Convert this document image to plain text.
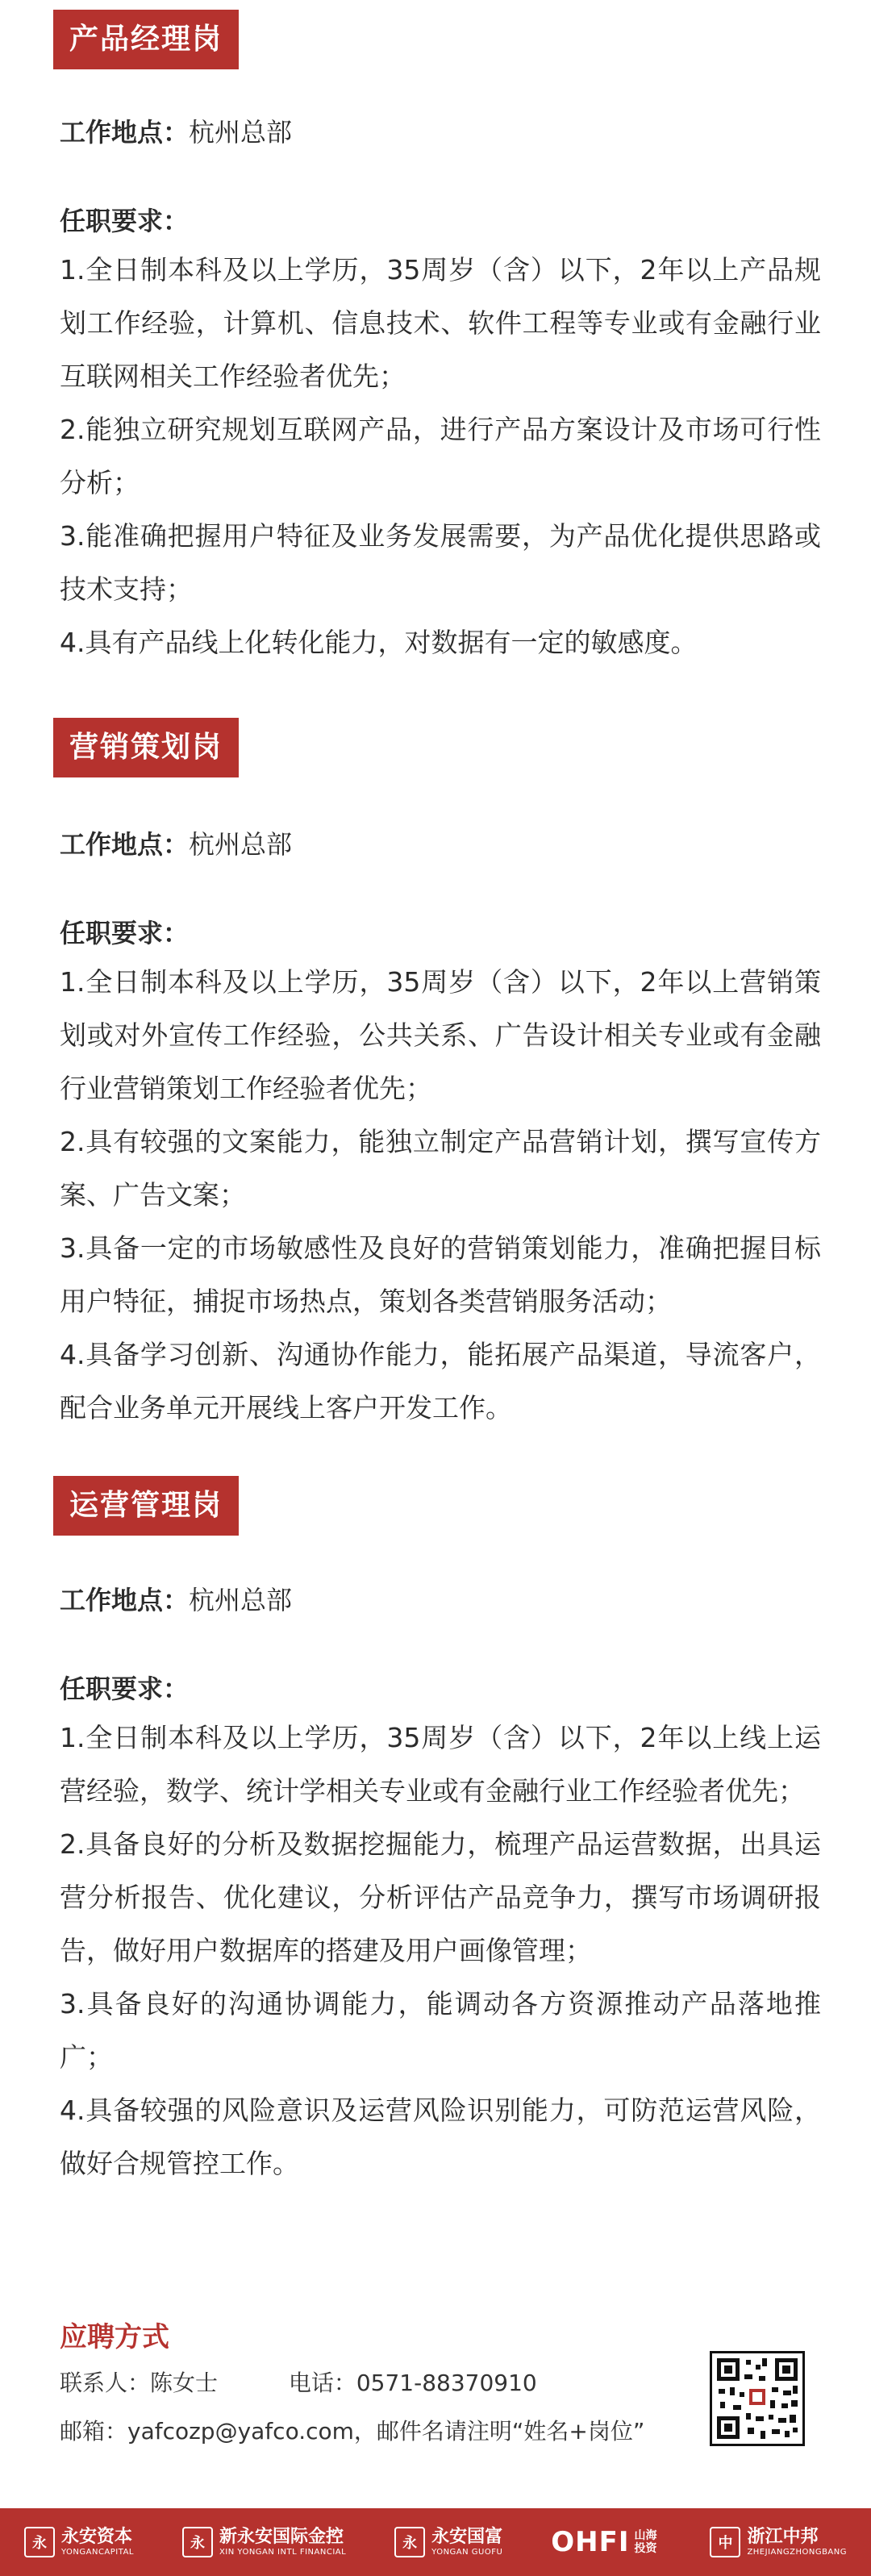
产品经理岗
工作地点：杭州总部
任职要求：

1.全日制本科及以上学历，35周岁（含）以下，2年以上产品规划工作经验，计算机、信息技术、软件工程等专业或有金融行业互联网相关工作经验者优先；

2.能独立研究规划互联网产品，进行产品方案设计及市场可行性分析；

3.能准确把握用户特征及业务发展需要，为产品优化提供思路或技术支持；

4.具有产品线上化转化能力，对数据有一定的敏感度。

营销策划岗
工作地点：杭州总部
任职要求：

1.全日制本科及以上学历，35周岁（含）以下，2年以上营销策划或对外宣传工作经验，公共关系、广告设计相关专业或有金融行业营销策划工作经验者优先；

2.具有较强的文案能力，能独立制定产品营销计划，撰写宣传方案、广告文案；

3.具备一定的市场敏感性及良好的营销策划能力，准确把握目标用户特征，捕捉市场热点，策划各类营销服务活动；

4.具备学习创新、沟通协作能力，能拓展产品渠道，导流客户，配合业务单元开展线上客户开发工作。

运营管理岗
工作地点：杭州总部
任职要求：

1.全日制本科及以上学历，35周岁（含）以下，2年以上线上运营经验，数学、统计学相关专业或有金融行业工作经验者优先；

2.具备良好的分析及数据挖掘能力，梳理产品运营数据，出具运营分析报告、优化建议，分析评估产品竞争力，撰写市场调研报告，做好用户数据库的搭建及用户画像管理；

3.具备良好的沟通协调能力，能调动各方资源推动产品落地推广；

4.具备较强的风险意识及运营风险识别能力，可防范运营风险，做好合规管控工作。

应聘方式
联系人：陈女士	电话：0571-88370910
邮箱：yafcozp@yafco.com，邮件名请注明“姓名+岗位”
永 永安资本
YONGANCAPITAL
永 新永安国际金控
XIN YONGAN INTL FINANCIAL
永 永安国富
YONGAN GUOFU OHFI 山海投资	中 浙江中邦
ZHEJIANGZHONGBANG
